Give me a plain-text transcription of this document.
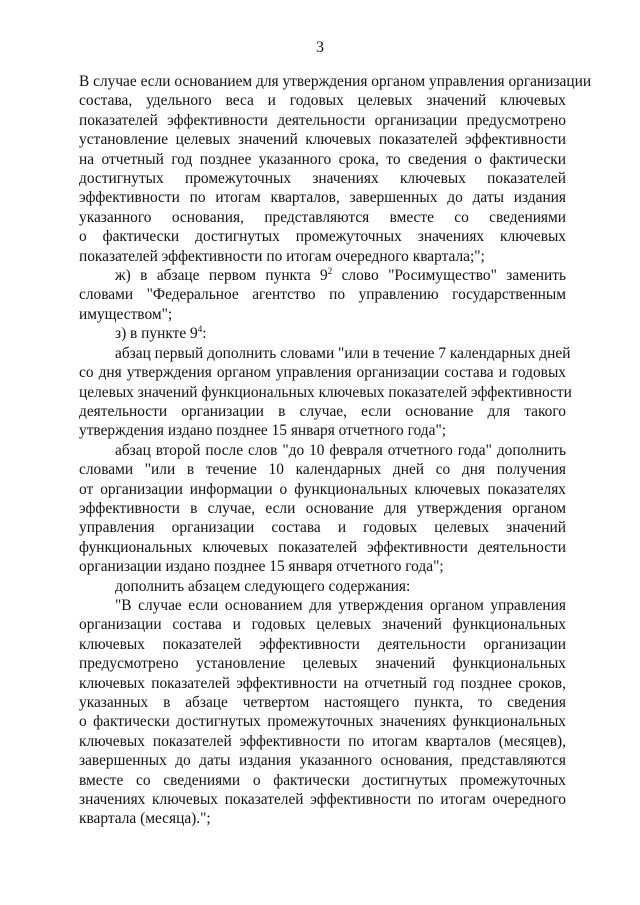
3
В случае если основанием для утверждения органом управления организации
состава, удельного веса и годовых целевых значений ключевых
показателей эффективности деятельности организации предусмотрено
установление целевых значений ключевых показателей эффективности
на отчетный год позднее указанного срока, то сведения о фактически
достигнутых промежуточных значениях ключевых показателей
эффективности по итогам кварталов, завершенных до даты издания
указанного основания, представляются вместе со сведениями
о фактически достигнутых промежуточных значениях ключевых
показателей эффективности по итогам очередного квартала;";
ж) в абзаце первом пункта $9^2$ слово "Росимущество" заменить
словами "Федеральное агентство по управлению государственным
имуществом";
з) в пункте $9^4$:
абзац первый дополнить словами "или в течение 7 календарных дней
со дня утверждения органом управления организации состава и годовых
целевых значений функциональных ключевых показателей эффективности
деятельности организации в случае, если основание для такого
утверждения издано позднее 15 января отчетного года";
абзац второй после слов "до 10 февраля отчетного года" дополнить
словами "или в течение 10 календарных дней со дня получения
от организации информации о функциональных ключевых показателях
эффективности в случае, если основание для утверждения органом
управления организации состава и годовых целевых значений
функциональных ключевых показателей эффективности деятельности
организации издано позднее 15 января отчетного года";
дополнить абзацем следующего содержания:
"В случае если основанием для утверждения органом управления
организации состава и годовых целевых значений функциональных
ключевых показателей эффективности деятельности организации
предусмотрено установление целевых значений функциональных
ключевых показателей эффективности на отчетный год позднее сроков,
указанных в абзаце четвертом настоящего пункта, то сведения
о фактически достигнутых промежуточных значениях функциональных
ключевых показателей эффективности по итогам кварталов (месяцев),
завершенных до даты издания указанного основания, представляются
вместе со сведениями о фактически достигнутых промежуточных
значениях ключевых показателей эффективности по итогам очередного
квартала (месяца).";
